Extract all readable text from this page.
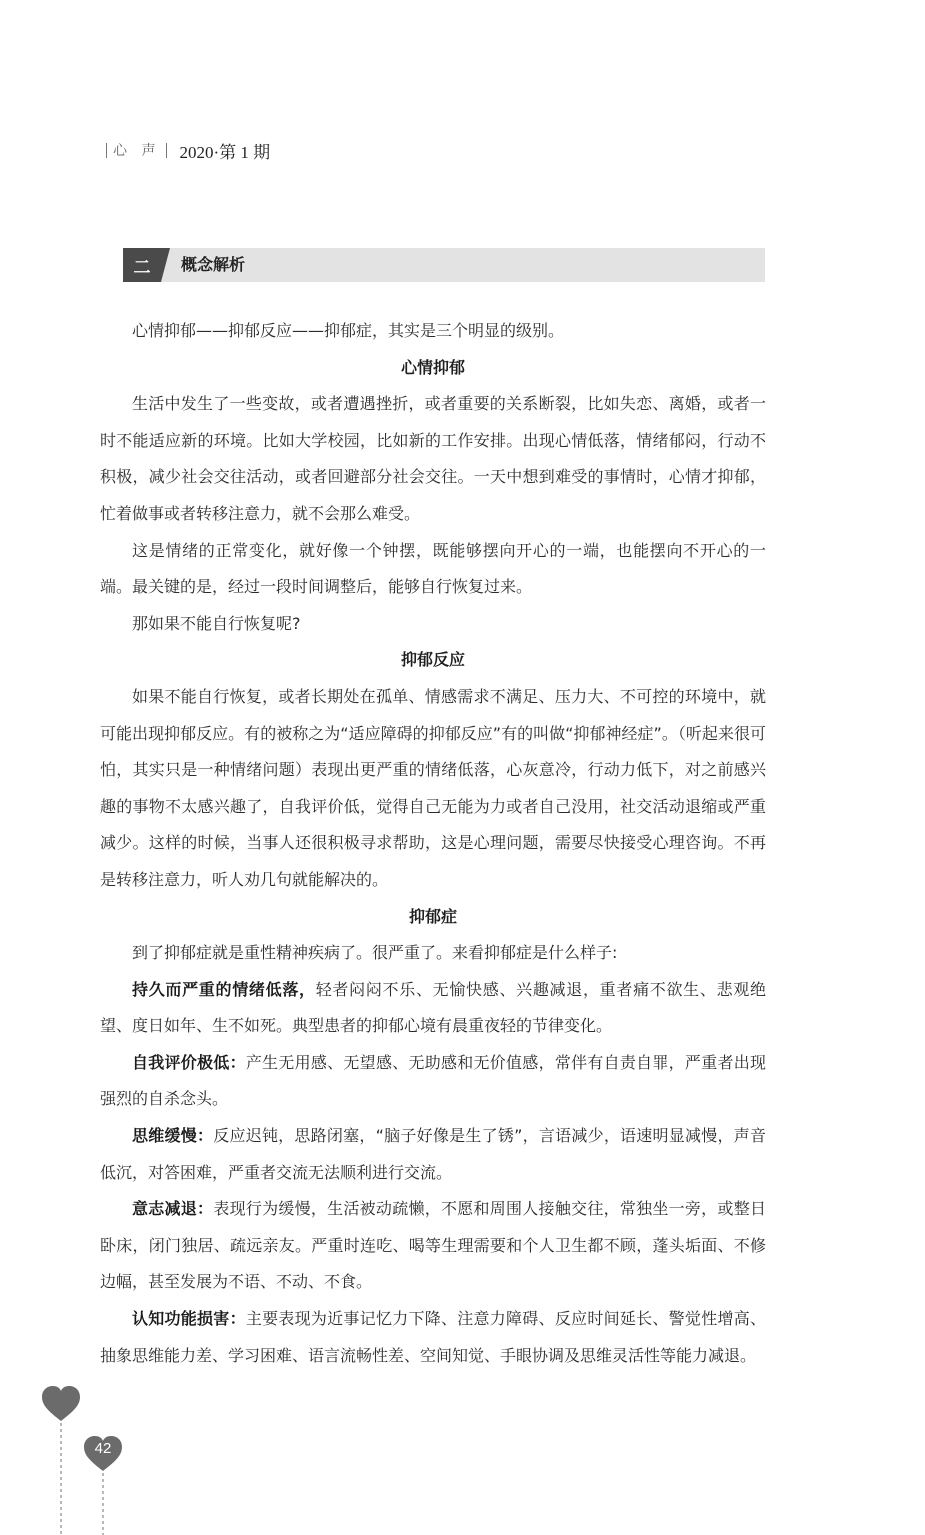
心 声 2020·第 1 期
二	概念解析

心情抑郁——抑郁反应——抑郁症，其实是三个明显的级别。

心情抑郁

生活中发生了一些变故，或者遭遇挫折，或者重要的关系断裂，比如失恋、离婚，或者一时不能适应新的环境。比如大学校园，比如新的工作安排。出现心情低落，情绪郁闷，行动不积极，减少社会交往活动，或者回避部分社会交往。一天中想到难受的事情时，心情才抑郁，忙着做事或者转移注意力，就不会那么难受。

这是情绪的正常变化，就好像一个钟摆，既能够摆向开心的一端，也能摆向不开心的一端。最关键的是，经过一段时间调整后，能够自行恢复过来。

那如果不能自行恢复呢?

抑郁反应

如果不能自行恢复，或者长期处在孤单、情感需求不满足、压力大、不可控的环境中，就可能出现抑郁反应。有的被称之为“适应障碍的抑郁反应”有的叫做“抑郁神经症”。（听起来很可怕，其实只是一种情绪问题）表现出更严重的情绪低落，心灰意冷，行动力低下，对之前感兴趣的事物不太感兴趣了，自我评价低，觉得自己无能为力或者自己没用，社交活动退缩或严重减少。这样的时候，当事人还很积极寻求帮助，这是心理问题，需要尽快接受心理咨询。不再是转移注意力，听人劝几句就能解决的。

抑郁症

到了抑郁症就是重性精神疾病了。很严重了。来看抑郁症是什么样子:

持久而严重的情绪低落，轻者闷闷不乐、无愉快感、兴趣减退，重者痛不欲生、悲观绝望、度日如年、生不如死。典型患者的抑郁心境有晨重夜轻的节律变化。

自我评价极低：产生无用感、无望感、无助感和无价值感，常伴有自责自罪，严重者出现强烈的自杀念头。

思维缓慢：反应迟钝，思路闭塞，“脑子好像是生了锈”，言语减少，语速明显减慢，声音低沉，对答困难，严重者交流无法顺利进行交流。

意志减退：表现行为缓慢，生活被动疏懒，不愿和周围人接触交往，常独坐一旁，或整日卧床，闭门独居、疏远亲友。严重时连吃、喝等生理需要和个人卫生都不顾，蓬头垢面、不修边幅，甚至发展为不语、不动、不食。

认知功能损害：主要表现为近事记忆力下降、注意力障碍、反应时间延长、警觉性增高、抽象思维能力差、学习困难、语言流畅性差、空间知觉、手眼协调及思维灵活性等能力减退。

42
